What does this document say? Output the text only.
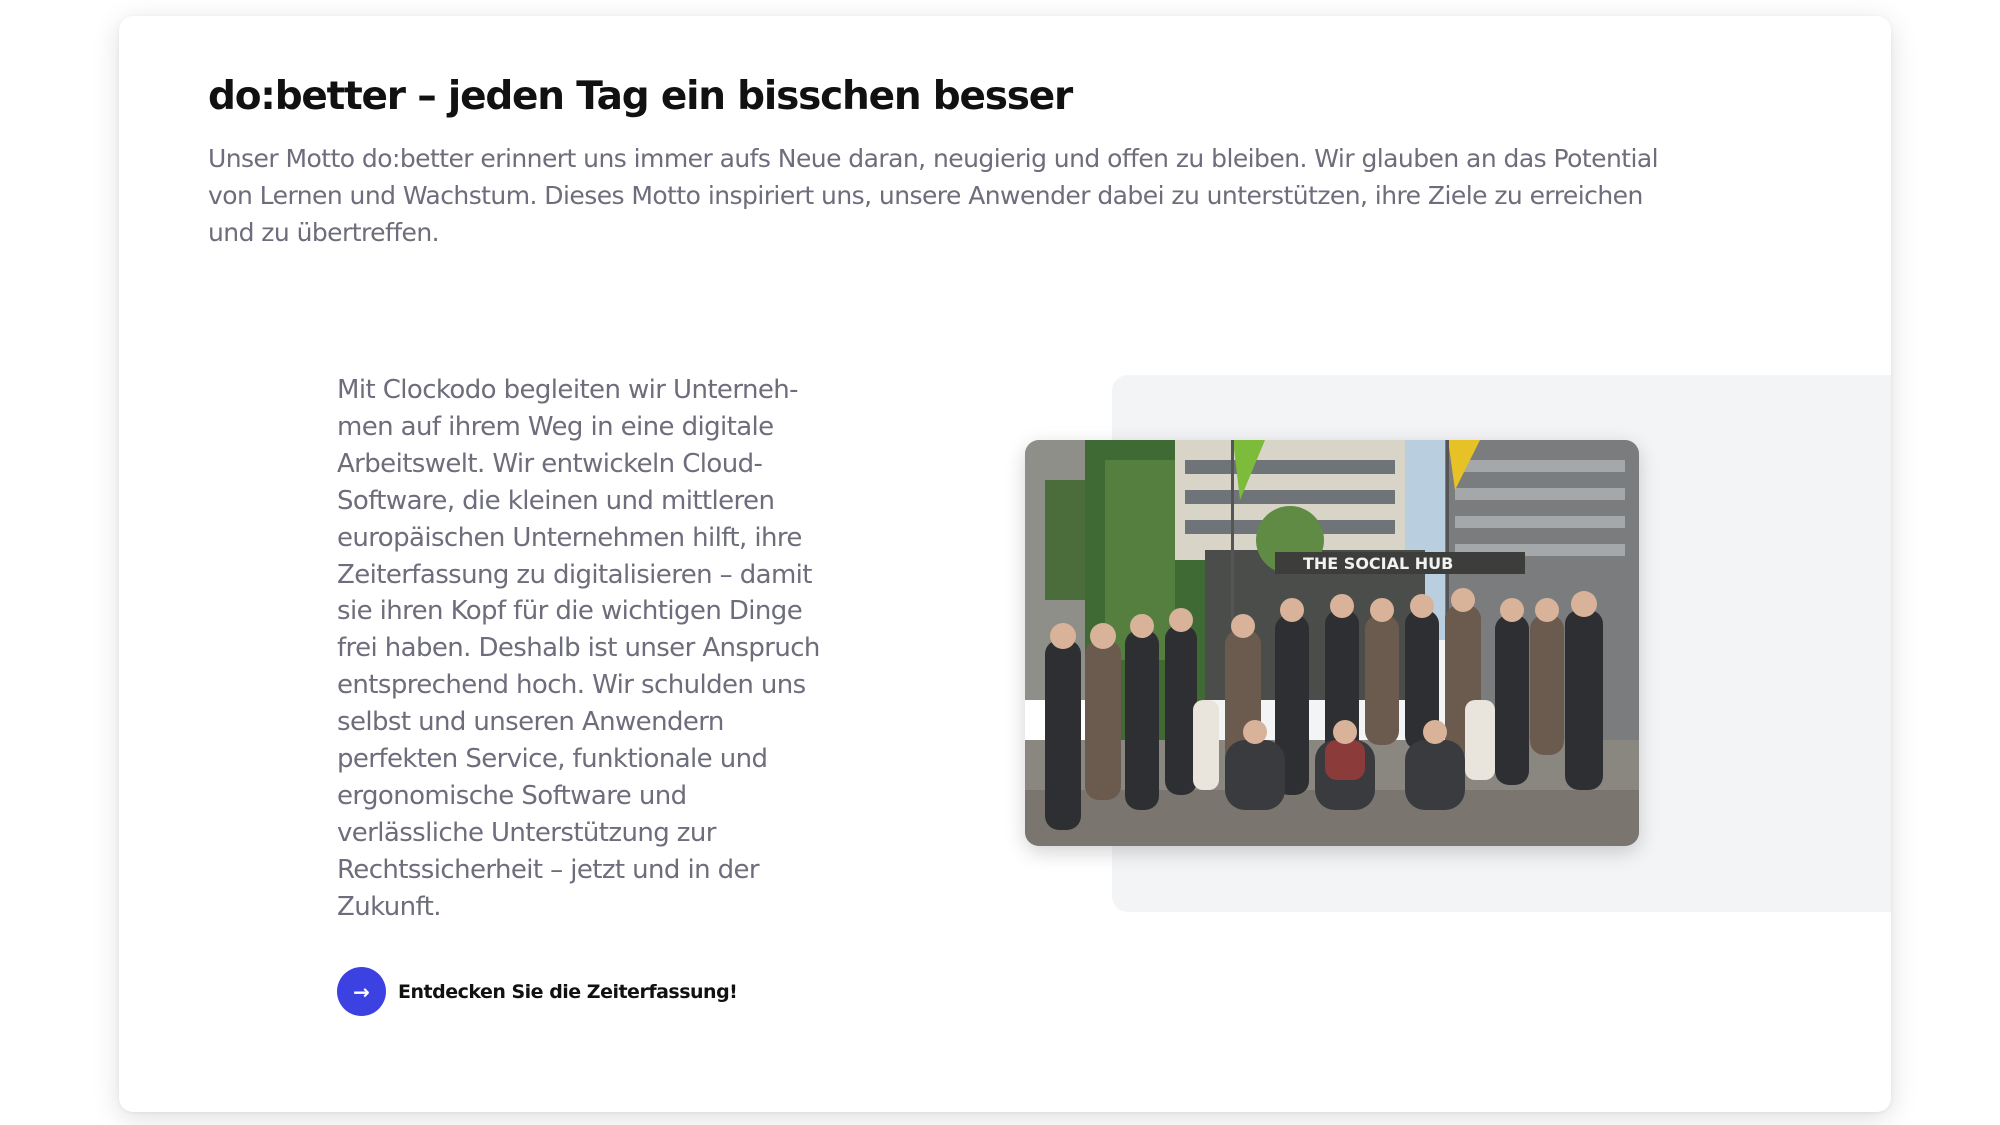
do:better – jeden Tag ein bisschen besser

Unser Motto do:better erinnert uns immer aufs Neue daran, neugierig und offen zu bleiben. Wir glauben an das Potential von Lernen und Wachstum. Dieses Motto inspiriert uns, unsere Anwender dabei zu unterstützen, ihre Ziele zu erreichen und zu übertreffen.

Mit Clockodo begleiten wir Unternehmen auf ihrem Weg in eine digitale Arbeitswelt. Wir entwickeln Cloud-Software, die kleinen und mittleren europäischen Unternehmen hilft, ihre Zeiterfassung zu digitalisieren – damit sie ihren Kopf für die wichtigen Dinge frei haben. Deshalb ist unser Anspruch entsprechend hoch. Wir schulden uns selbst und unseren Anwendern perfekten Service, funktionale und ergonomische Software und verlässliche Unterstützung zur Rechtssicherheit – jetzt und in der Zukunft.

→	Entdecken Sie die Zeiterfassung!
THE SOCIAL HUB
